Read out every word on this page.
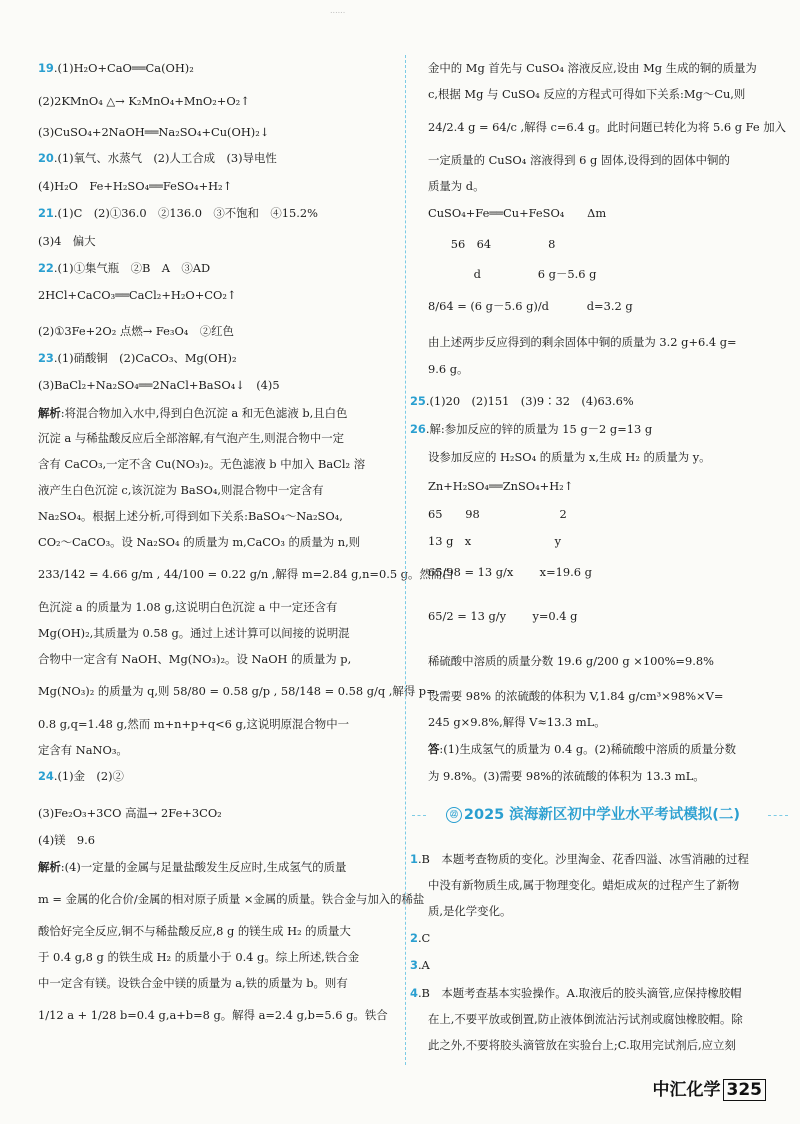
......
19.(1)H₂O+CaO══Ca(OH)₂
(2)2KMnO₄ △→ K₂MnO₄+MnO₂+O₂↑
(3)CuSO₄+2NaOH══Na₂SO₄+Cu(OH)₂↓
20.(1)氧气、水蒸气　(2)人工合成　(3)导电性
(4)H₂O　Fe+H₂SO₄══FeSO₄+H₂↑
21.(1)C　(2)①36.0　②136.0　③不饱和　④15.2%
(3)4　偏大
22.(1)①集气瓶　②B　A　③AD
2HCl+CaCO₃══CaCl₂+H₂O+CO₂↑
(2)①3Fe+2O₂ 点燃→ Fe₃O₄　②红色
23.(1)硝酸铜　(2)CaCO₃、Mg(OH)₂
(3)BaCl₂+Na₂SO₄══2NaCl+BaSO₄↓　(4)5
解析:将混合物加入水中,得到白色沉淀 a 和无色滤液 b,且白色
沉淀 a 与稀盐酸反应后全部溶解,有气泡产生,则混合物中一定
含有 CaCO₃,一定不含 Cu(NO₃)₂。无色滤液 b 中加入 BaCl₂ 溶
液产生白色沉淀 c,该沉淀为 BaSO₄,则混合物中一定含有
Na₂SO₄。根据上述分析,可得到如下关系:BaSO₄～Na₂SO₄,
CO₂～CaCO₃。设 Na₂SO₄ 的质量为 m,CaCO₃ 的质量为 n,则
233/142 = 4.66 g/m , 44/100 = 0.22 g/n ,解得 m=2.84 g,n=0.5 g。然而白
色沉淀 a 的质量为 1.08 g,这说明白色沉淀 a 中一定还含有
Mg(OH)₂,其质量为 0.58 g。通过上述计算可以间接的说明混
合物中一定含有 NaOH、Mg(NO₃)₂。设 NaOH 的质量为 p,
Mg(NO₃)₂ 的质量为 q,则 58/80 = 0.58 g/p , 58/148 = 0.58 g/q ,解得 p=
0.8 g,q=1.48 g,然而 m+n+p+q<6 g,这说明原混合物中一
定含有 NaNO₃。
24.(1)金　(2)②
(3)Fe₂O₃+3CO 高温→ 2Fe+3CO₂
(4)镁　9.6
解析:(4)一定量的金属与足量盐酸发生反应时,生成氢气的质量
m = 金属的化合价/金属的相对原子质量 ×金属的质量。铁合金与加入的稀盐
酸恰好完全反应,铜不与稀盐酸反应,8 g 的镁生成 H₂ 的质量大
于 0.4 g,8 g 的铁生成 H₂ 的质量小于 0.4 g。综上所述,铁合金
中一定含有镁。设铁合金中镁的质量为 a,铁的质量为 b。则有
1/12 a + 1/28 b=0.4 g,a+b=8 g。解得 a=2.4 g,b=5.6 g。铁合
金中的 Mg 首先与 CuSO₄ 溶液反应,设由 Mg 生成的铜的质量为
c,根据 Mg 与 CuSO₄ 反应的方程式可得如下关系:Mg～Cu,则
24/2.4 g = 64/c ,解得 c=6.4 g。此时问题已转化为将 5.6 g Fe 加入
一定质量的 CuSO₄ 溶液得到 6 g 固体,设得到的固体中铜的
质量为 d。
CuSO₄+Fe══Cu+FeSO₄　　Δm
　　56　64　　　　　8
　　　　d　　　　　6 g－5.6 g
8/64 = (6 g－5.6 g)/d 　　　d=3.2 g
由上述两步反应得到的剩余固体中铜的质量为 3.2 g+6.4 g=
9.6 g。
25.(1)20　(2)151　(3)9∶32　(4)63.6%
26.解:参加反应的锌的质量为 15 g－2 g=13 g
设参加反应的 H₂SO₄ 的质量为 x,生成 H₂ 的质量为 y。
Zn+H₂SO₄══ZnSO₄+H₂↑
65　　98　　　　　　　2
13 g　x　　　　　　　 y
65/98 = 13 g/x 　　x=19.6 g
65/2 = 13 g/y 　　y=0.4 g
稀硫酸中溶质的质量分数 19.6 g/200 g ×100%=9.8%
设需要 98% 的浓硫酸的体积为 V,1.84 g/cm³×98%×V=
245 g×9.8%,解得 V≈13.3 mL。
答:(1)生成氢气的质量为 0.4 g。(2)稀硫酸中溶质的质量分数
为 9.8%。(3)需要 98%的浓硫酸的体积为 13.3 mL。
1.B　本题考查物质的变化。沙里淘金、花香四溢、冰雪消融的过程
中没有新物质生成,属于物理变化。蜡炬成灰的过程产生了新物
质,是化学变化。
2.C
3.A
4.B　本题考查基本实验操作。A.取液后的胶头滴管,应保持橡胶帽
在上,不要平放或倒置,防止液体倒流沾污试剂或腐蚀橡胶帽。除
此之外,不要将胶头滴管放在实验台上;C.取用完试剂后,应立刻
㉒ 2025 滨海新区初中学业水平考试模拟(二)
中汇化学 325
